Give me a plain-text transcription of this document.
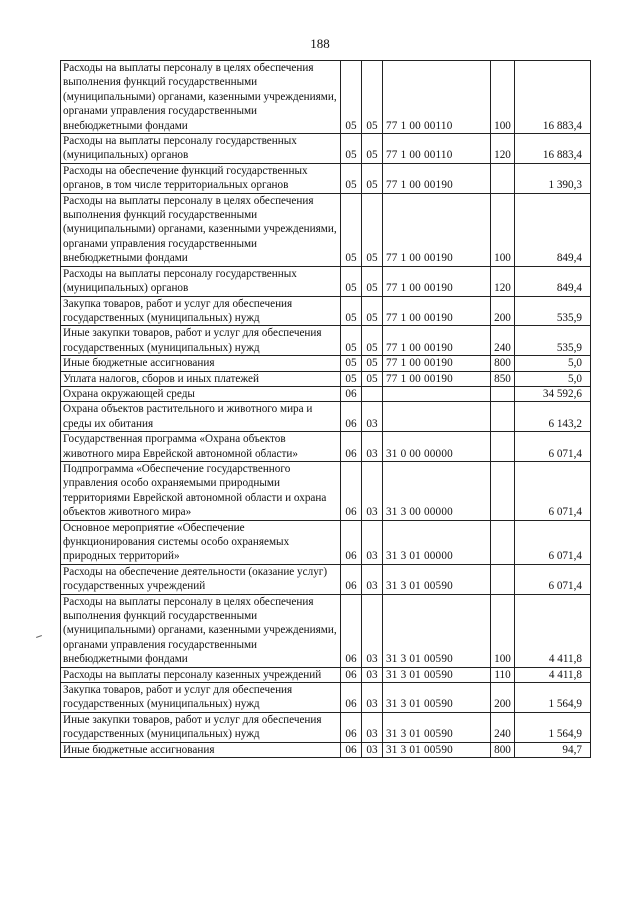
188
Расходы на выплаты персоналу в целях обеспечения выполнения функций государственными (муниципальными) органами, казенными учреждениями, органами управления государственными внебюджетными фондами	05	05	77 1 00 00110	100	16 883,4
Расходы на выплаты персоналу государственных (муниципальных) органов	05	05	77 1 00 00110	120	16 883,4
Расходы на обеспечение функций государственных органов, в том числе территориальных органов	05	05	77 1 00 00190		1 390,3
Расходы на выплаты персоналу в целях обеспечения выполнения функций государственными (муниципальными) органами, казенными учреждениями, органами управления государственными внебюджетными фондами	05	05	77 1 00 00190	100	849,4
Расходы на выплаты персоналу государственных (муниципальных) органов	05	05	77 1 00 00190	120	849,4
Закупка товаров, работ и услуг для обеспечения государственных (муниципальных) нужд	05	05	77 1 00 00190	200	535,9
Иные закупки товаров, работ и услуг для обеспечения государственных (муниципальных) нужд	05	05	77 1 00 00190	240	535,9
Иные бюджетные ассигнования	05	05	77 1 00 00190	800	5,0
Уплата налогов, сборов и иных платежей	05	05	77 1 00 00190	850	5,0
Охрана окружающей среды	06				34 592,6
Охрана объектов растительного и животного мира и среды их обитания	06	03			6 143,2
Государственная программа «Охрана объектов животного мира Еврейской автономной области»	06	03	31 0 00 00000		6 071,4
Подпрограмма «Обеспечение государственного управления особо охраняемыми природными территориями Еврейской автономной области и охрана объектов животного мира»	06	03	31 3 00 00000		6 071,4
Основное мероприятие «Обеспечение функционирования системы особо охраняемых природных территорий»	06	03	31 3 01 00000		6 071,4
Расходы на обеспечение деятельности (оказание услуг) государственных учреждений	06	03	31 3 01 00590		6 071,4
Расходы на выплаты персоналу в целях обеспечения выполнения функций государственными (муниципальными) органами, казенными учреждениями, органами управления государственными внебюджетными фондами	06	03	31 3 01 00590	100	4 411,8
Расходы на выплаты персоналу казенных учреждений	06	03	31 3 01 00590	110	4 411,8
Закупка товаров, работ и услуг для обеспечения государственных (муниципальных) нужд	06	03	31 3 01 00590	200	1 564,9
Иные закупки товаров, работ и услуг для обеспечения государственных (муниципальных) нужд	06	03	31 3 01 00590	240	1 564,9
Иные бюджетные ассигнования	06	03	31 3 01 00590	800	94,7
